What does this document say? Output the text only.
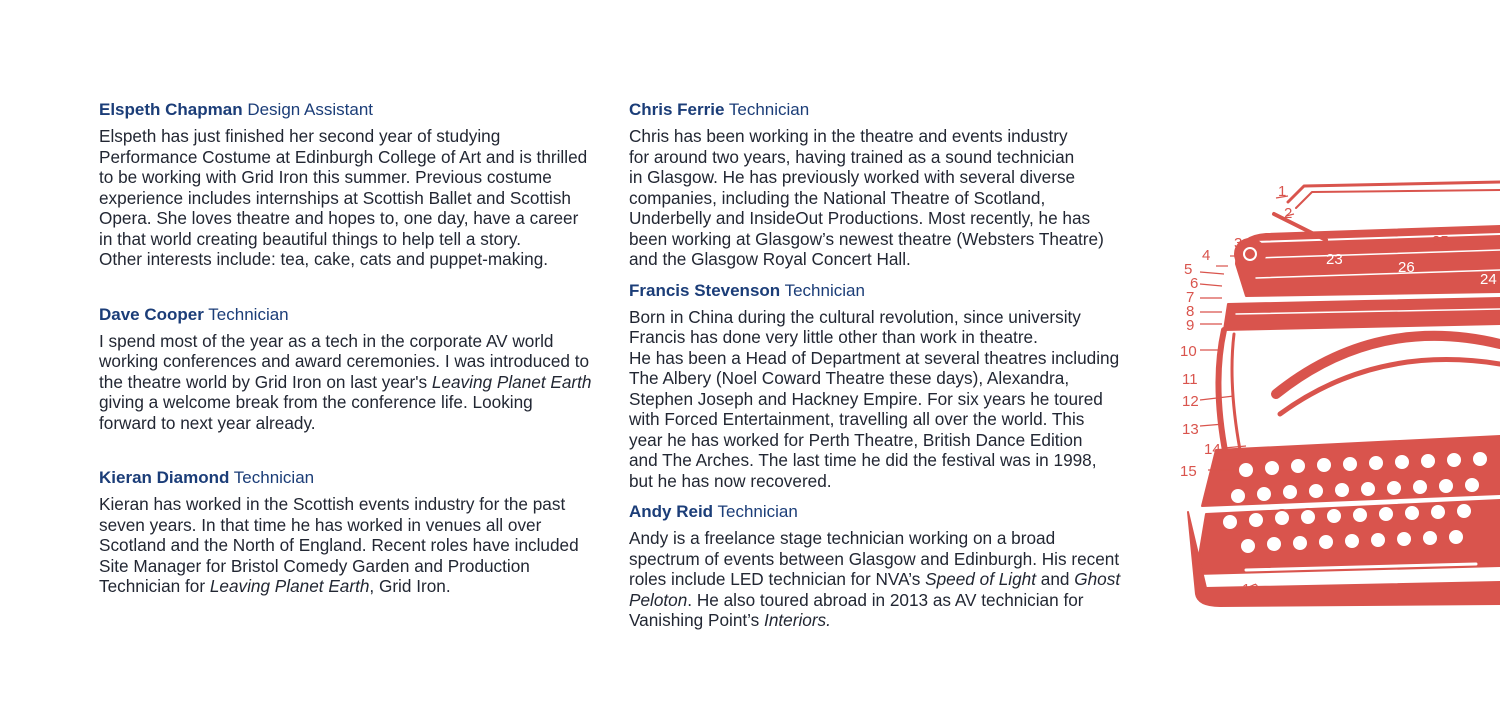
Elspeth Chapman Design Assistant
Elspeth has just finished her second year of studying
Performance Costume at Edinburgh College of Art and is thrilled
to be working with Grid Iron this summer. Previous costume
experience includes internships at Scottish Ballet and Scottish
Opera. She loves theatre and hopes to, one day, have a career
in that world creating beautiful things to help tell a story.
Other interests include: tea, cake, cats and puppet-making.
Dave Cooper Technician
I spend most of the year as a tech in the corporate AV world
working conferences and award ceremonies. I was introduced to
the theatre world by Grid Iron on last year's Leaving Planet Earth
giving a welcome break from the conference life. Looking
forward to next year already.
Kieran Diamond Technician
Kieran has worked in the Scottish events industry for the past
seven years. In that time he has worked in venues all over
Scotland and the North of England. Recent roles have included
Site Manager for Bristol Comedy Garden and Production
Technician for Leaving Planet Earth, Grid Iron.
Chris Ferrie Technician
Chris has been working in the theatre and events industry
for around two years, having trained as a sound technician
in Glasgow. He has previously worked with several diverse
companies, including the National Theatre of Scotland,
Underbelly and InsideOut Productions. Most recently, he has
been working at Glasgow’s newest theatre (Websters Theatre)
and the Glasgow Royal Concert Hall.
Francis Stevenson Technician
Born in China during the cultural revolution, since university
Francis has done very little other than work in theatre.
He has been a Head of Department at several theatres including
The Albery (Noel Coward Theatre these days), Alexandra,
Stephen Joseph and Hackney Empire. For six years he toured
with Forced Entertainment, travelling all over the world. This
year he has worked for Perth Theatre, British Dance Edition
and The Arches. The last time he did the festival was in 1998,
but he has now recovered.
Andy Reid Technician
Andy is a freelance stage technician working on a broad
spectrum of events between Glasgow and Edinburgh. His recent
roles include LED technician for NVA’s Speed of Light and Ghost
Peloton. He also toured abroad in 2013 as AV technician for
Vanishing Point’s Interiors.
1
2
3
4
5
6
7
8
9
10
11
12
13
14
15
16
23
24
25
26
